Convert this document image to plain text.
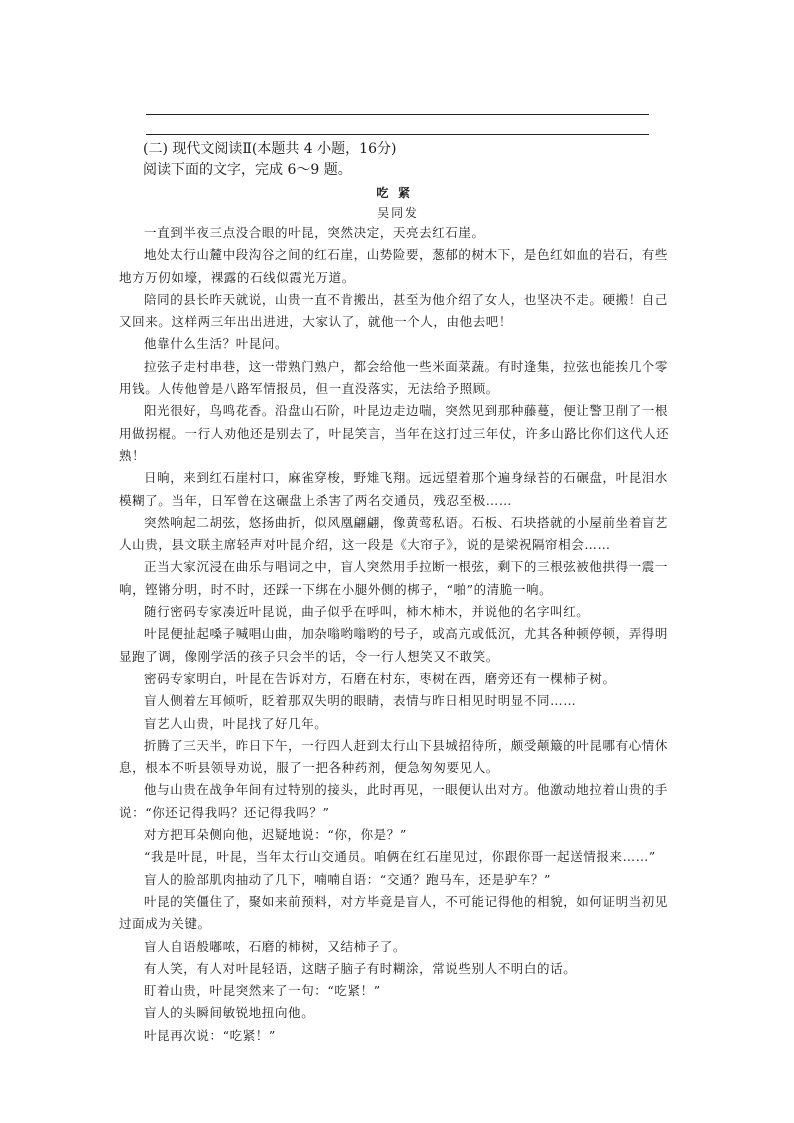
(二) 现代文阅读Ⅱ(本题共 4 小题，16分)
阅读下面的文字，完成 6～9 题。
吃紧
吴同发

一直到半夜三点没合眼的叶昆，突然决定，天亮去红石崖。

地处太行山麓中段沟谷之间的红石崖，山势险要，葱郁的树木下，是色红如血的岩石，有些地方万仞如壕，裸露的石线似霞光万道。

陪同的县长昨天就说，山贵一直不肯搬出，甚至为他介绍了女人，也坚决不走。硬搬！自己又回来。这样两三年出出进进，大家认了，就他一个人，由他去吧！

他靠什么生活？叶昆问。

拉弦子走村串巷，这一带熟门熟户，都会给他一些米面菜蔬。有时逢集，拉弦也能挨几个零用钱。人传他曾是八路军情报员，但一直没落实，无法给予照顾。

阳光很好，鸟鸣花香。沿盘山石阶，叶昆边走边喘，突然见到那种藤蔓，便让警卫削了一根用做拐棍。一行人劝他还是别去了，叶昆笑言，当年在这打过三年仗，许多山路比你们这代人还熟！

日晌，来到红石崖村口，麻雀穿梭，野雉飞翔。远远望着那个遍身绿苔的石碾盘，叶昆泪水模糊了。当年，日军曾在这碾盘上杀害了两名交通员，残忍至极……

突然响起二胡弦，悠扬曲折，似风凰翩翩，像黄莺私语。石板、石块搭就的小屋前坐着盲艺人山贵，县文联主席轻声对叶昆介绍，这一段是《大帘子》，说的是梁祝隔帘相会……

正当大家沉浸在曲乐与唱词之中，盲人突然用手拉断一根弦，剩下的三根弦被他拱得一震一响，铿锵分明，时不时，还踩一下绑在小腿外侧的梆子，“啪”的清脆一响。

随行密码专家凑近叶昆说，曲子似乎在呼叫，柿木柿木，并说他的名字叫红。

叶昆便扯起嗓子喊唱山曲，加杂嗡哟嗡哟的号子，或高亢或低沉，尤其各种顿停顿，弄得明显跑了调，像刚学活的孩子只会半的话，令一行人想笑又不敢笑。

密码专家明白，叶昆在告诉对方，石磨在村东，枣树在西，磨旁还有一棵柿子树。

盲人侧着左耳倾听，眨着那双失明的眼睛，表情与昨日相见时明显不同……

盲艺人山贵，叶昆找了好几年。

折腾了三天半，昨日下午，一行四人赶到太行山下县城招待所，颇受颠簸的叶昆哪有心情休息，根本不听县领导劝说，服了一把各种药剂，便急匆匆要见人。

他与山贵在战争年间有过特别的接头，此时再见，一眼便认出对方。他激动地拉着山贵的手说：“你还记得我吗？还记得我吗？”

对方把耳朵侧向他，迟疑地说：“你，你是？”

“我是叶昆，叶昆，当年太行山交通员。咱俩在红石崖见过，你跟你哥一起送情报来……”

盲人的脸部肌肉抽动了几下，喃喃自语：“交通？跑马车，还是驴车？”

叶昆的笑僵住了，聚如来前预料，对方毕竟是盲人，不可能记得他的相貌，如何证明当初见过面成为关键。

盲人自语般嘟哝，石磨的柿树，又结柿子了。

有人笑，有人对叶昆轻语，这瞎子脑子有时糊涂，常说些别人不明白的话。

盯着山贵，叶昆突然来了一句：“吃紧！”

盲人的头瞬间敏锐地扭向他。

叶昆再次说：“吃紧！”
